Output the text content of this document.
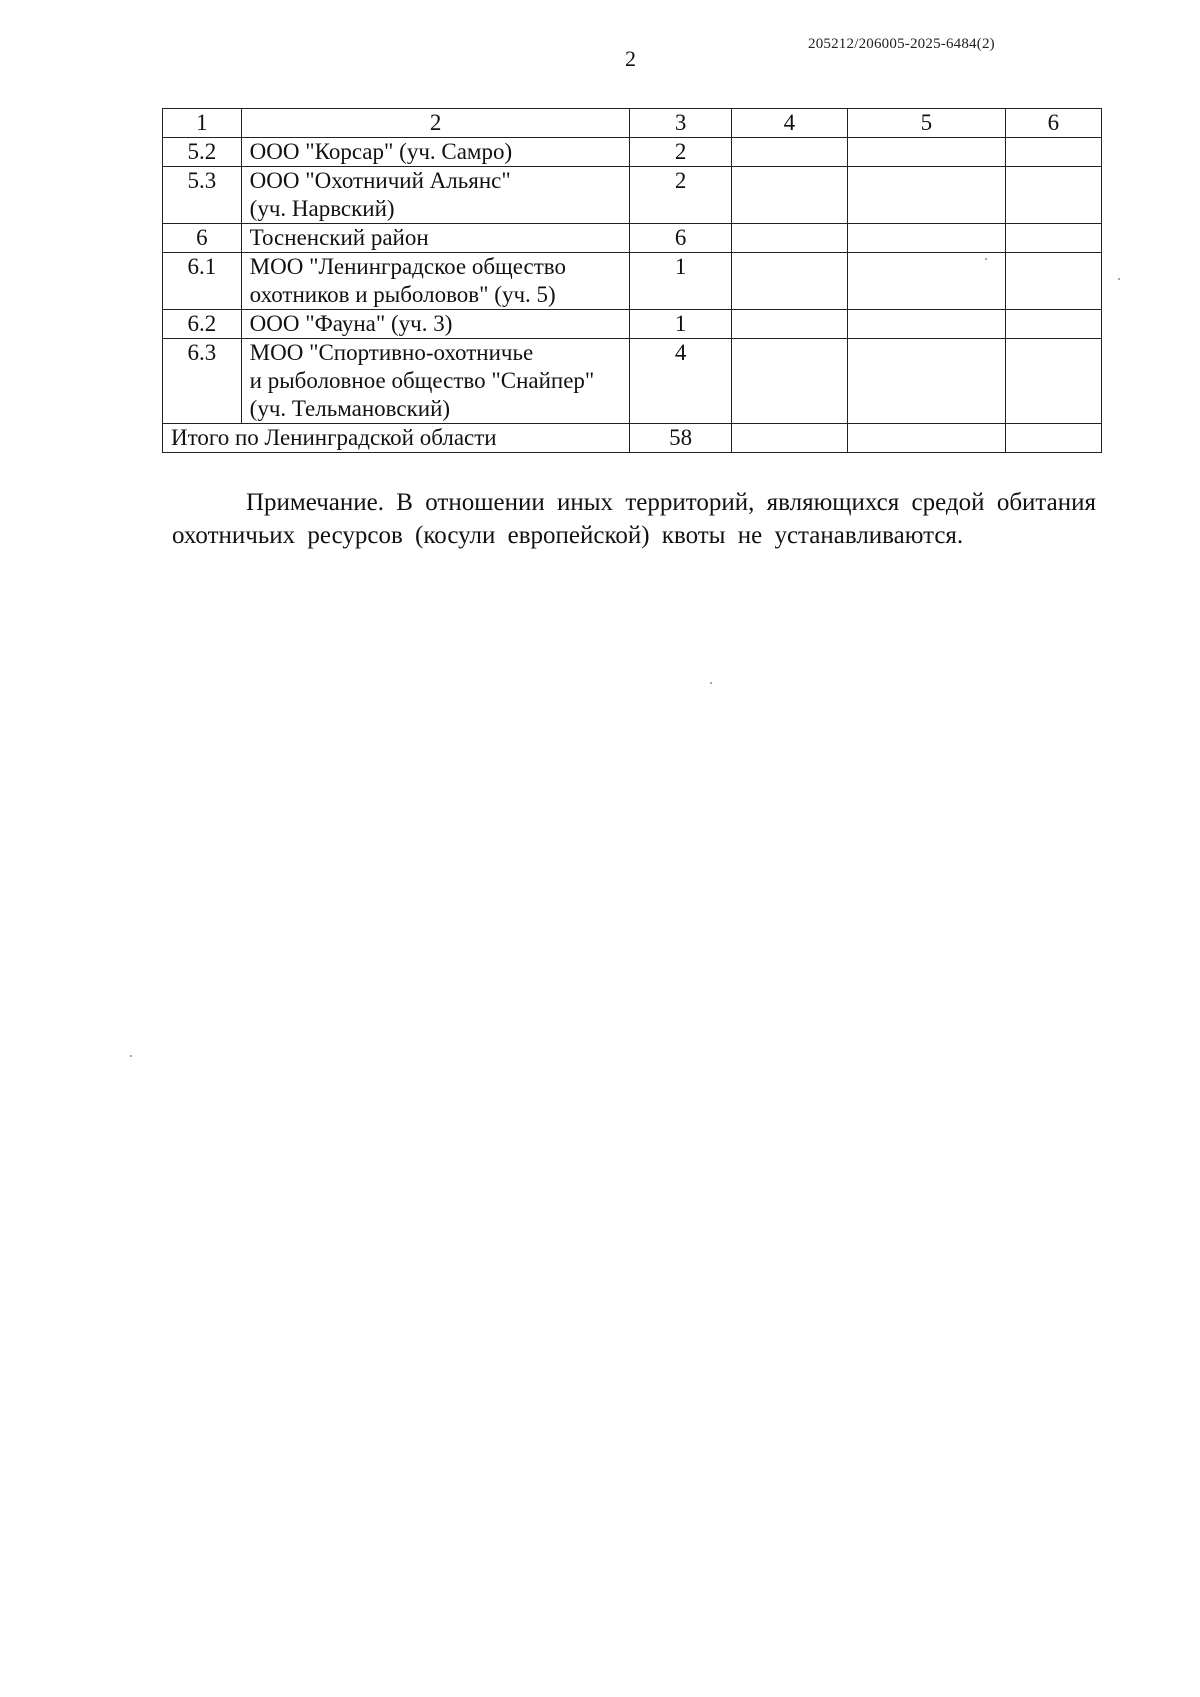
205212/206005-2025-6484(2)
2
1	2	3	4	5	6
5.2	ООО "Корсар" (уч. Самро)	2			
5.3	ООО "Охотничий Альянс"
(уч. Нарвский)	2			
6	Тосненский район	6			
6.1	МОО "Ленинградское общество
охотников и рыболовов" (уч. 5)	1			
6.2	ООО "Фауна" (уч. 3)	1			
6.3	МОО "Спортивно-охотничье
и рыболовное общество "Снайпер"
(уч. Тельмановский)	4			
Итого по Ленинградской области		58			

Примечание. В отношении иных территорий, являющихся средой обитания охотничьих ресурсов (косули европейской) квоты не устанавливаются.
